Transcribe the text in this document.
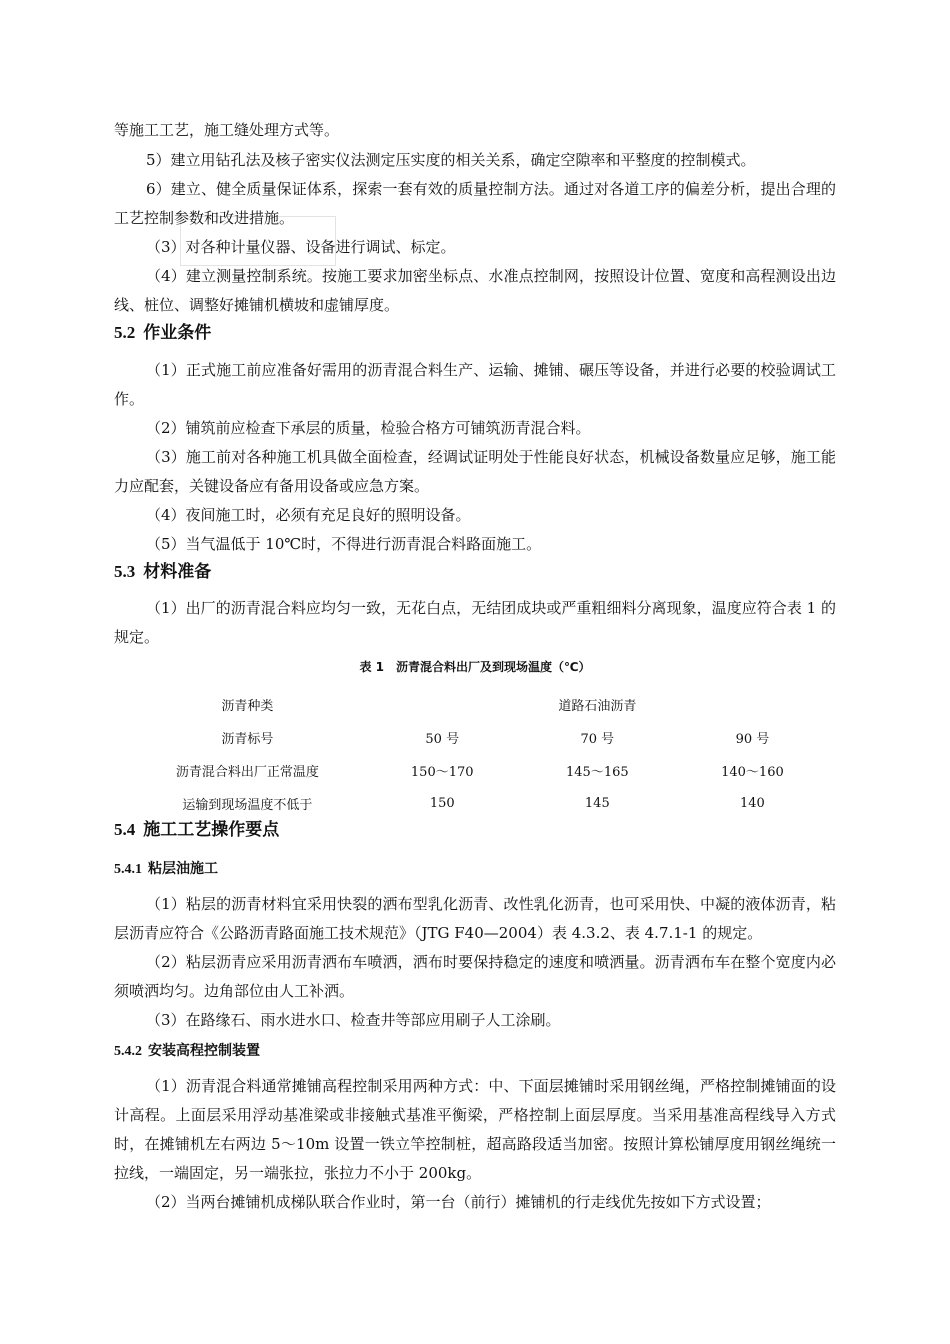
等施工工艺，施工缝处理方式等。

5）建立用钻孔法及核子密实仪法测定压实度的相关关系，确定空隙率和平整度的控制模式。

6）建立、健全质量保证体系，探索一套有效的质量控制方法。通过对各道工序的偏差分析，提出合理的工艺控制参数和改进措施。

（3）对各种计量仪器、设备进行调试、标定。

（4）建立测量控制系统。按施工要求加密坐标点、水准点控制网，按照设计位置、宽度和高程测设出边线、桩位、调整好摊铺机横坡和虚铺厚度。

5.2 作业条件

（1）正式施工前应准备好需用的沥青混合料生产、运输、摊铺、碾压等设备，并进行必要的校验调试工作。

（2）铺筑前应检查下承层的质量，检验合格方可铺筑沥青混合料。

（3）施工前对各种施工机具做全面检查，经调试证明处于性能良好状态，机械设备数量应足够，施工能力应配套，关键设备应有备用设备或应急方案。

（4）夜间施工时，必须有充足良好的照明设备。

（5）当气温低于 10℃时，不得进行沥青混合料路面施工。

5.3 材料准备

（1）出厂的沥青混合料应均匀一致，无花白点，无结团成块或严重粗细料分离现象，温度应符合表 1 的规定。

表 1　沥青混合料出厂及到现场温度（℃）
沥青种类	道路石油沥青		
沥青标号	50 号	70 号	90 号
沥青混合料出厂正常温度	150～170	145～165	140～160
运输到现场温度不低于	150	145	140
5.4 施工工艺操作要点
5.4.1 粘层油施工

（1）粘层的沥青材料宜采用快裂的洒布型乳化沥青、改性乳化沥青，也可采用快、中凝的液体沥青，粘层沥青应符合《公路沥青路面施工技术规范》（JTG F40—2004）表 4.3.2、表 4.7.1-1 的规定。

（2）粘层沥青应采用沥青洒布车喷洒，洒布时要保持稳定的速度和喷洒量。沥青洒布车在整个宽度内必须喷洒均匀。边角部位由人工补洒。

（3）在路缘石、雨水进水口、检查井等部应用刷子人工涂刷。

5.4.2 安装高程控制装置

（1）沥青混合料通常摊铺高程控制采用两种方式：中、下面层摊铺时采用钢丝绳，严格控制摊铺面的设计高程。上面层采用浮动基准梁或非接触式基准平衡梁，严格控制上面层厚度。当采用基准高程线导入方式时，在摊铺机左右两边 5～10m 设置一铁立竿控制桩，超高路段适当加密。按照计算松铺厚度用钢丝绳统一拉线，一端固定，另一端张拉，张拉力不小于 200kg。

（2）当两台摊铺机成梯队联合作业时，第一台（前行）摊铺机的行走线优先按如下方式设置；
